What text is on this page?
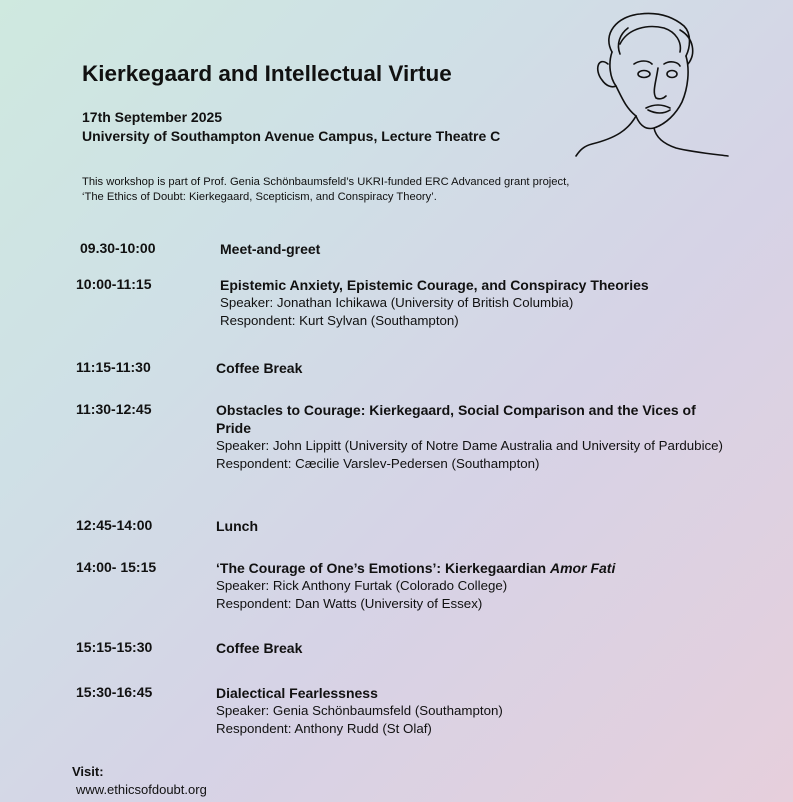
Kierkegaard and Intellectual Virtue
17th September 2025
University of Southampton Avenue Campus, Lecture Theatre C
This workshop is part of Prof. Genia Schönbaumsfeld’s UKRI-funded ERC Advanced grant project,
‘The Ethics of Doubt: Kierkegaard, Scepticism, and Conspiracy Theory’.
09.30-10:00	Meet-and-greet
10:00-11:15	Epistemic Anxiety, Epistemic Courage, and Conspiracy Theories
Speaker: Jonathan Ichikawa (University of British Columbia)
Respondent: Kurt Sylvan (Southampton)
11:15-11:30	Coffee Break
11:30-12:45	Obstacles to Courage: Kierkegaard, Social Comparison and the Vices of Pride
Speaker: John Lippitt (University of Notre Dame Australia and University of Pardubice)
Respondent: Cæcilie Varslev-Pedersen (Southampton)
12:45-14:00	Lunch
14:00- 15:15	‘The Courage of One’s Emotions’: Kierkegaardian Amor Fati
Speaker: Rick Anthony Furtak (Colorado College)
Respondent: Dan Watts (University of Essex)
15:15-15:30	Coffee Break
15:30-16:45	Dialectical Fearlessness
Speaker: Genia Schönbaumsfeld (Southampton)
Respondent: Anthony Rudd (St Olaf)
Visit:
www.ethicsofdoubt.org
